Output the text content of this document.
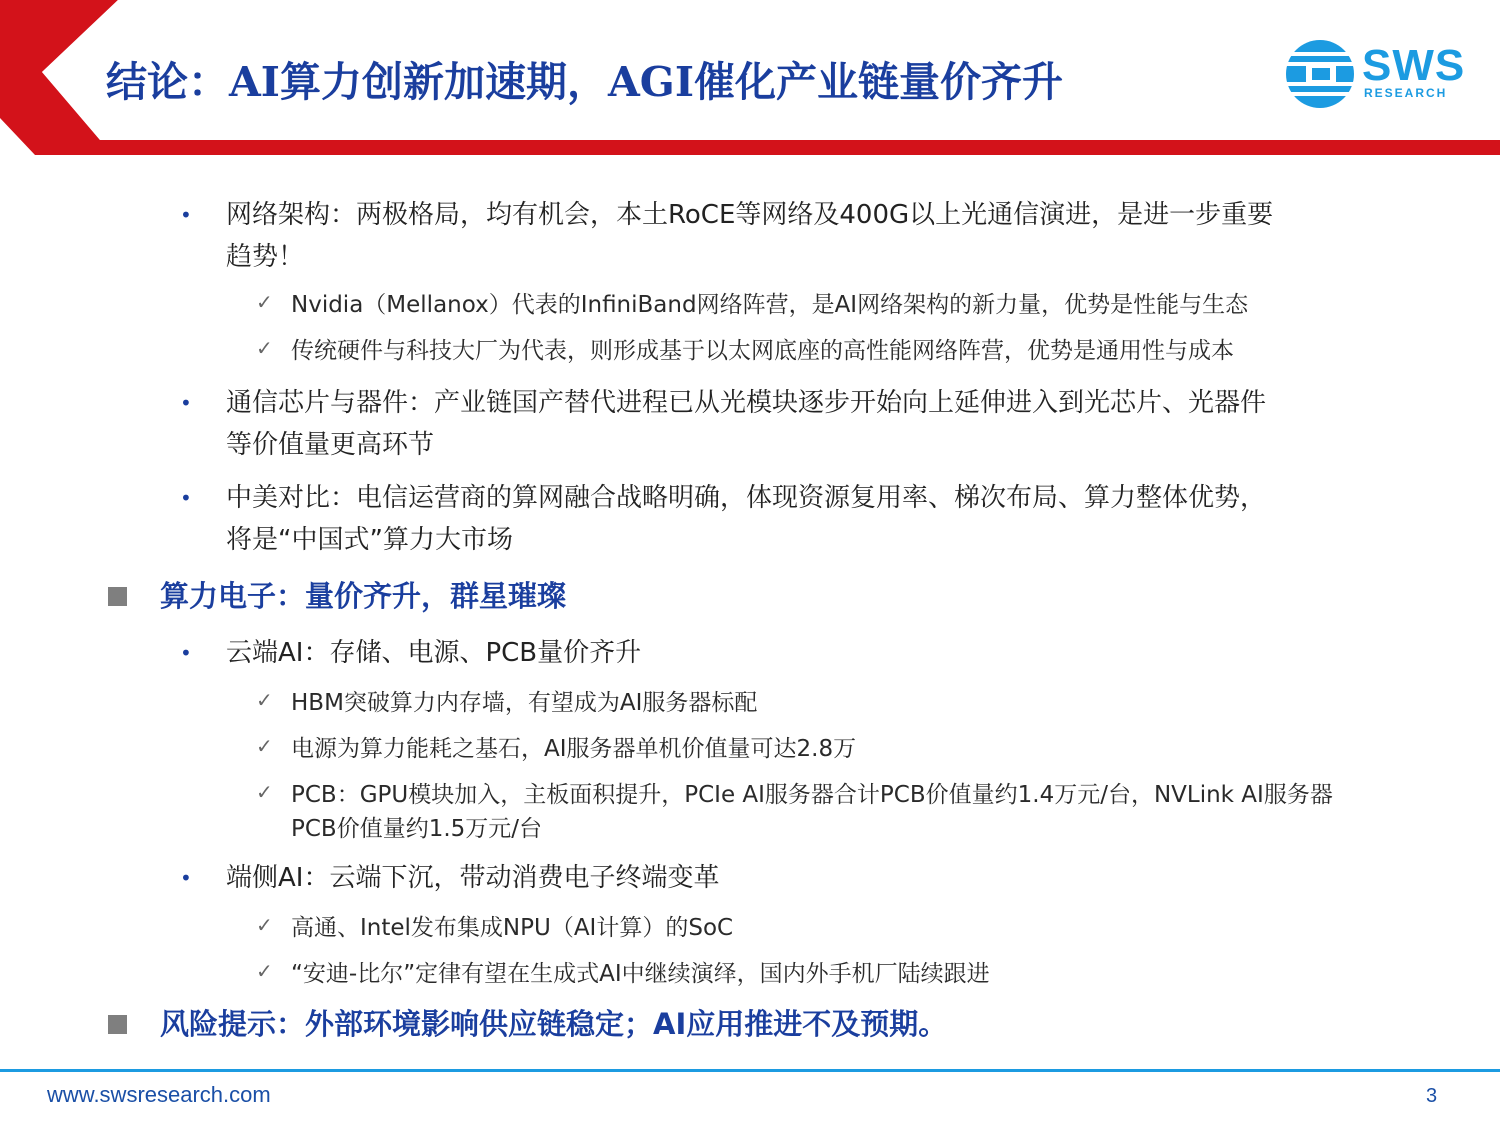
结论：AI算力创新加速期，AGI催化产业链量价齐升	SWS
RESEARCH
• 网络架构：两极格局，均有机会，本土RoCE等网络及400G以上光通信演进，是进一步重要
趋势！
✓ Nvidia（Mellanox）代表的InfiniBand网络阵营，是AI网络架构的新力量，优势是性能与生态
✓ 传统硬件与科技大厂为代表，则形成基于以太网底座的高性能网络阵营，优势是通用性与成本
• 通信芯片与器件：产业链国产替代进程已从光模块逐步开始向上延伸进入到光芯片、光器件
等价值量更高环节
• 中美对比：电信运营商的算网融合战略明确，体现资源复用率、梯次布局、算力整体优势，
将是“中国式”算力大市场
算力电子：量价齐升，群星璀璨
• 云端AI：存储、电源、PCB量价齐升
✓ HBM突破算力内存墙，有望成为AI服务器标配
✓ 电源为算力能耗之基石，AI服务器单机价值量可达2.8万
✓ PCB：GPU模块加入，主板面积提升，PCIe AI服务器合计PCB价值量约1.4万元/台，NVLink AI服务器
PCB价值量约1.5万元/台
• 端侧AI：云端下沉，带动消费电子终端变革
✓ 高通、Intel发布集成NPU（AI计算）的SoC
✓ “安迪-比尔”定律有望在生成式AI中继续演绎，国内外手机厂陆续跟进
风险提示：外部环境影响供应链稳定；AI应用推进不及预期。
www.swsresearch.com	3
